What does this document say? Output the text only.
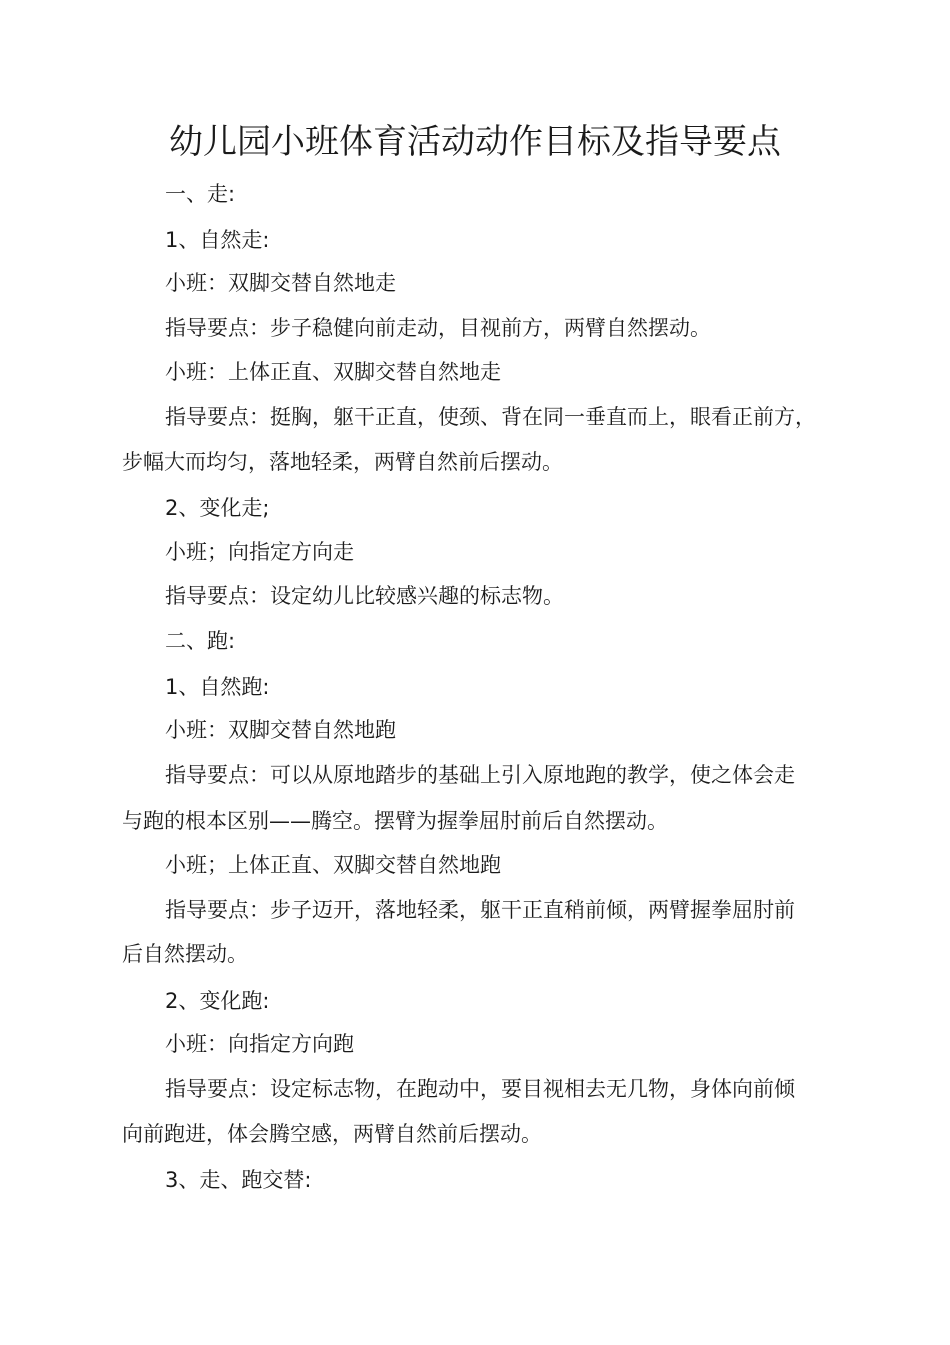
幼儿园小班体育活动动作目标及指导要点
一、走:
1、自然走:
小班：双脚交替自然地走
指导要点：步子稳健向前走动，目视前方，两臂自然摆动。
小班：上体正直、双脚交替自然地走
指导要点：挺胸，躯干正直，使颈、背在同一垂直而上，眼看正前方，
步幅大而均匀，落地轻柔，两臂自然前后摆动。
2、变化走;
小班；向指定方向走
指导要点：设定幼儿比较感兴趣的标志物。
二、跑:
1、自然跑:
小班：双脚交替自然地跑
指导要点：可以从原地踏步的基础上引入原地跑的教学，使之体会走
与跑的根本区别——腾空。摆臂为握拳屈肘前后自然摆动。
小班；上体正直、双脚交替自然地跑
指导要点：步子迈开，落地轻柔，躯干正直稍前倾，两臂握拳屈肘前
后自然摆动。
2、变化跑:
小班：向指定方向跑
指导要点：设定标志物，在跑动中，要目视相去无几物，身体向前倾
向前跑进，体会腾空感，两臂自然前后摆动。
3、走、跑交替:
